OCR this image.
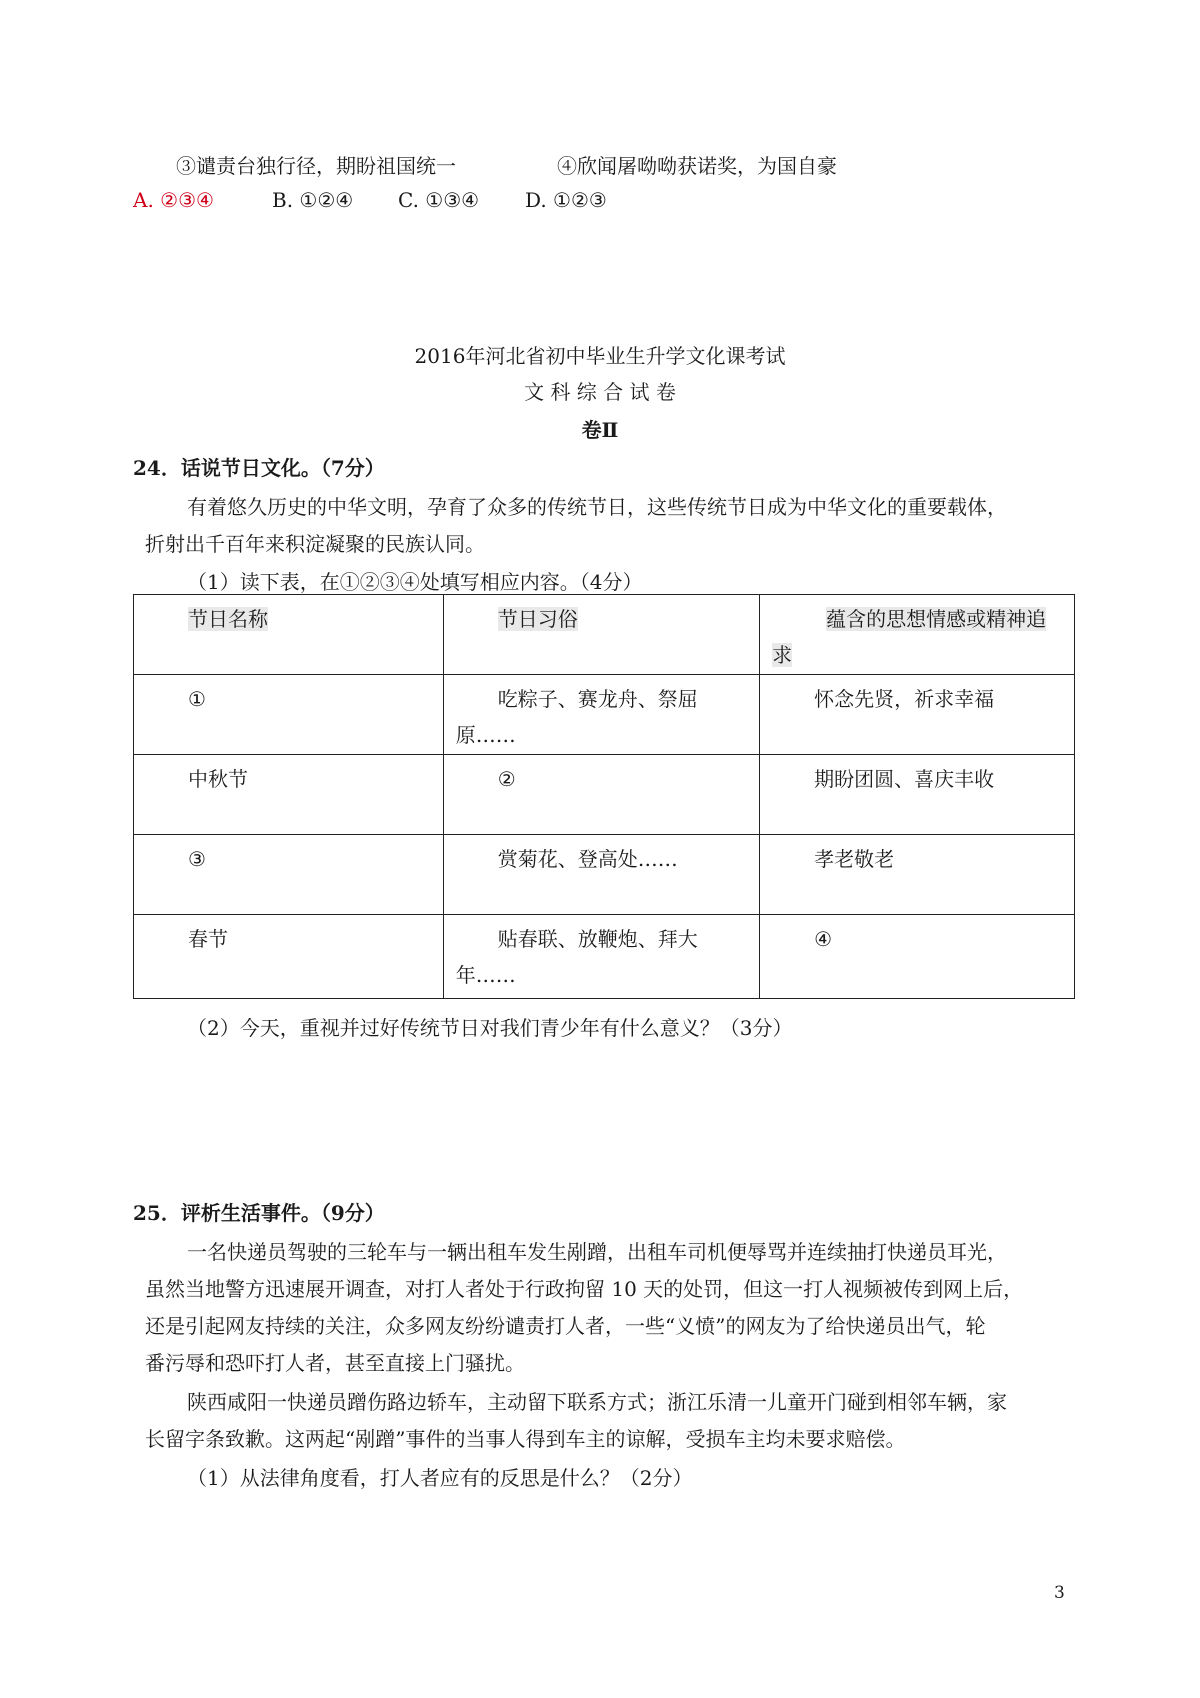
③谴责台独行径，期盼祖国统一	④欣闻屠呦呦获诺奖，为国自豪
A. ②③④	B. ①②④ C. ①③④ D. ①②③
2016年河北省初中毕业生升学文化课考试
文 科 综 合 试 卷
卷Ⅱ
24．话说节日文化。（7分）
有着悠久历史的中华文明，孕育了众多的传统节日，这些传统节日成为中华文化的重要载体，
折射出千百年来积淀凝聚的民族认同。
（1）读下表，在①②③④处填写相应内容。（4分）
节日名称	节日习俗	蕴含的思想情感或精神追求

①	吃粽子、赛龙舟、祭屈原……	怀念先贤，祈求幸福

中秋节	②	期盼团圆、喜庆丰收

③	赏菊花、登高处……	孝老敬老

春节	贴春联、放鞭炮、拜大年……	④
（2）今天，重视并过好传统节日对我们青少年有什么意义？（3分）
25．评析生活事件。（9分）
一名快递员驾驶的三轮车与一辆出租车发生剐蹭，出租车司机便辱骂并连续抽打快递员耳光，
虽然当地警方迅速展开调查，对打人者处于行政拘留 10 天的处罚，但这一打人视频被传到网上后，
还是引起网友持续的关注，众多网友纷纷谴责打人者，一些“义愤”的网友为了给快递员出气，轮
番污辱和恐吓打人者，甚至直接上门骚扰。
陕西咸阳一快递员蹭伤路边轿车，主动留下联系方式；浙江乐清一儿童开门碰到相邻车辆，家
长留字条致歉。这两起“剐蹭”事件的当事人得到车主的谅解，受损车主均未要求赔偿。
（1）从法律角度看，打人者应有的反思是什么？（2分）
3
